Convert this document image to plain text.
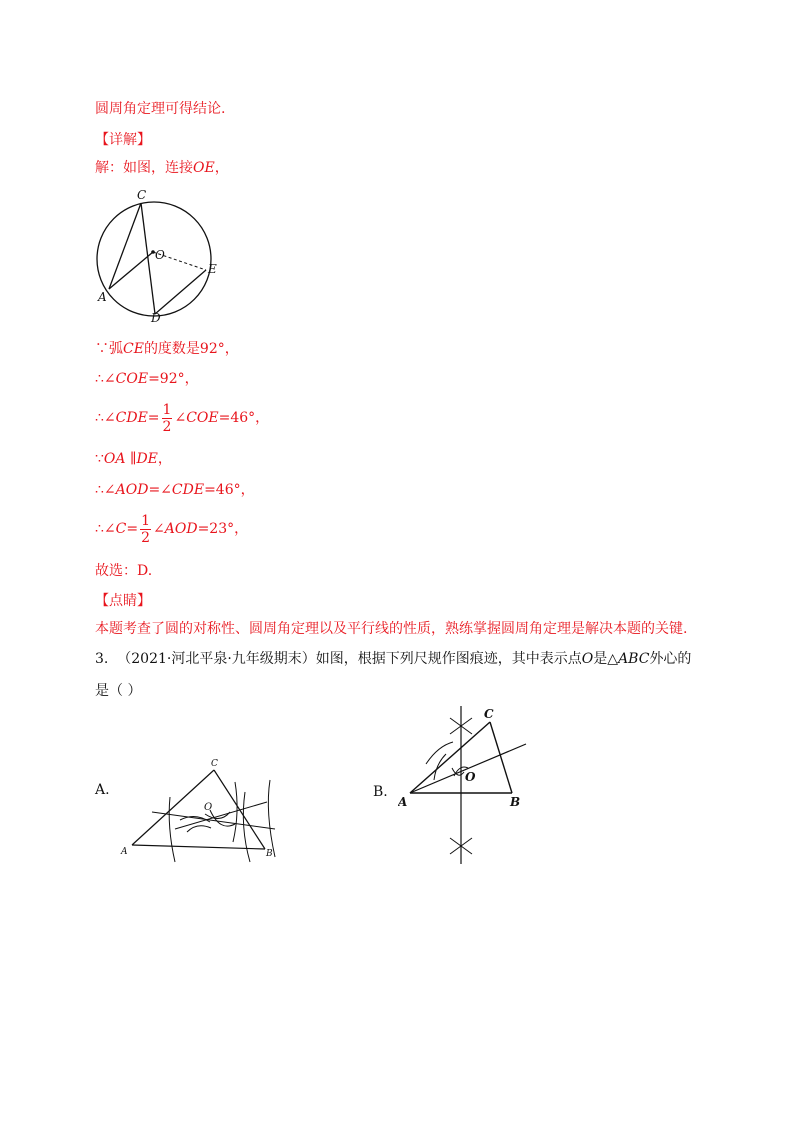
圆周角定理可得结论.
【详解】
解：如图，连接OE，
C
O
E
A
D
∵弧CE的度数是92°，
∴∠COE=92°，
∴∠CDE= $\frac{1}{2}$ ∠COE=46°，
∵OA ∥DE，
∴∠AOD=∠CDE=46°，
∴∠C= $\frac{1}{2}$ ∠AOD=23°，
故选：D.
【点睛】
本题考查了圆的对称性、圆周角定理以及平行线的性质，熟练掌握圆周角定理是解决本题的关键.
3. （2021·河北平泉·九年级期末）如图，根据下列尺规作图痕迹，其中表示点O是△ABC外心的
是（ ）
A.
A	B
C
O
B.
A	B
C
O
